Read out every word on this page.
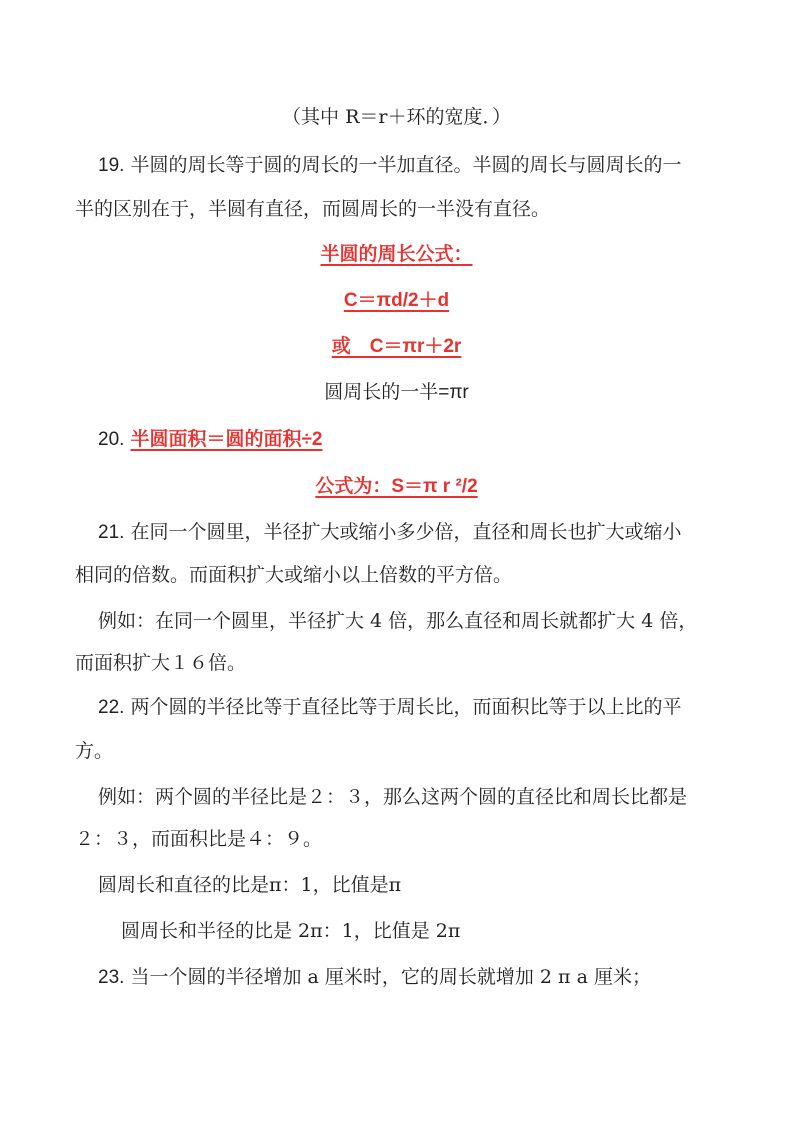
（其中 R＝r＋环的宽度．）
19. 半圆的周长等于圆的周长的一半加直径。半圆的周长与圆周长的一
半的区别在于，半圆有直径，而圆周长的一半没有直径。
半圆的周长公式：
C＝πd/2＋d
或　C＝πr＋2r
圆周长的一半=πr
20. 半圆面积＝圆的面积÷2
公式为：S＝π r ²/2
21. 在同一个圆里，半径扩大或缩小多少倍，直径和周长也扩大或缩小
相同的倍数。而面积扩大或缩小以上倍数的平方倍。
例如：在同一个圆里，半径扩大 4 倍，那么直径和周长就都扩大 4 倍，
而面积扩大１６倍。
22. 两个圆的半径比等于直径比等于周长比，而面积比等于以上比的平
方。
例如：两个圆的半径比是２：３，那么这两个圆的直径比和周长比都是
２：３，而面积比是４：９。
圆周长和直径的比是π：1，比值是π
圆周长和半径的比是 2π：1，比值是 2π
23. 当一个圆的半径增加 a 厘米时，它的周长就增加 2 π a 厘米；
